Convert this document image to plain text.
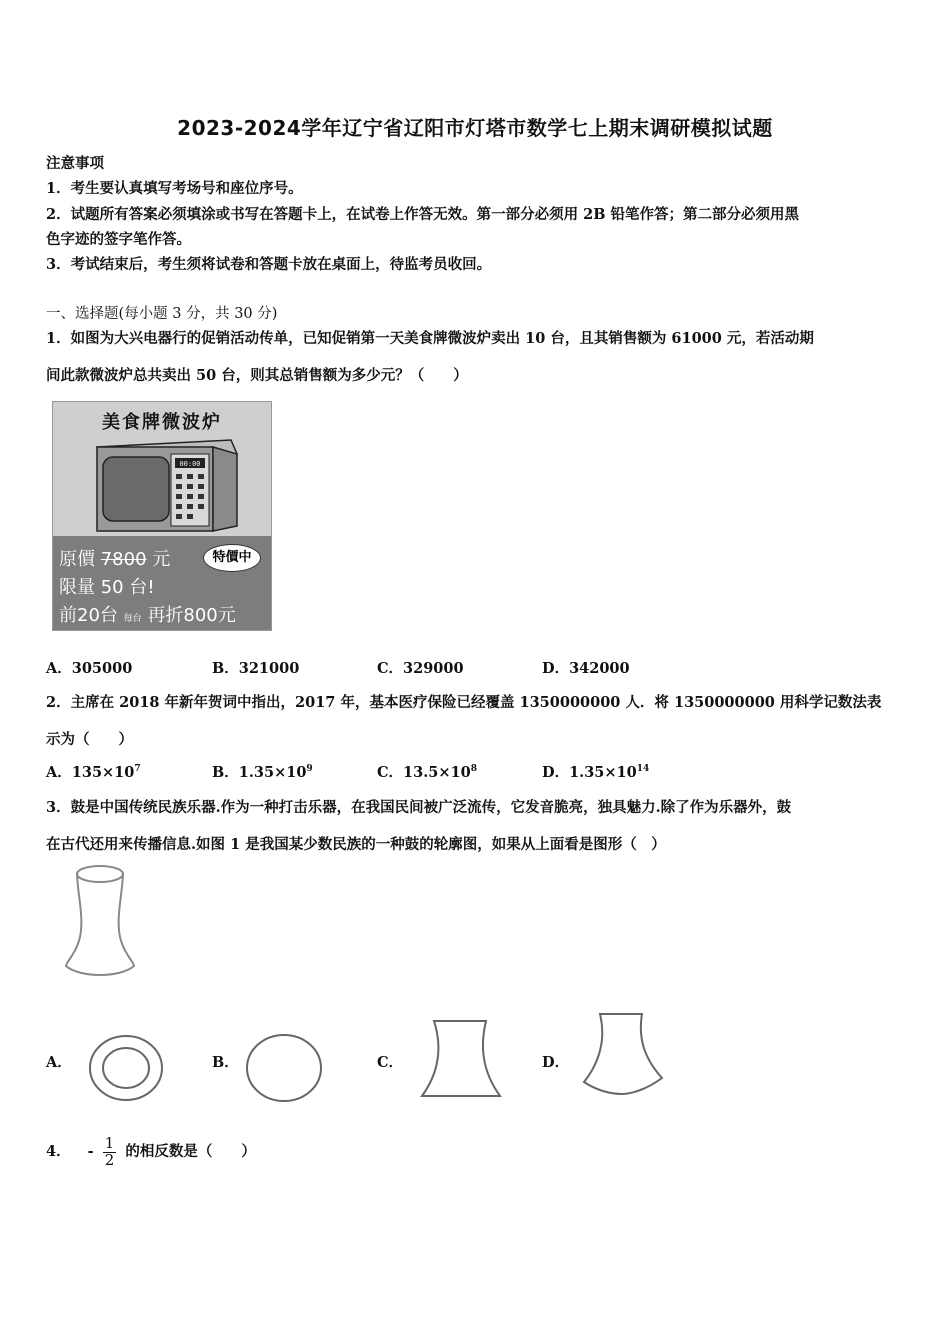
2023-2024学年辽宁省辽阳市灯塔市数学七上期末调研模拟试题
注意事项
1．考生要认真填写考场号和座位序号。
2．试题所有答案必须填涂或书写在答题卡上，在试卷上作答无效。第一部分必须用 2B 铅笔作答；第二部分必须用黑
色字迹的签字笔作答。
3．考试结束后，考生须将试卷和答题卡放在桌面上，待监考员收回。
一、选择题(每小题 3 分，共 30 分)
1．如图为大兴电器行的促销活动传单，已知促销第一天美食牌微波炉卖出 10 台，且其销售额为 61000 元，若活动期
间此款微波炉总共卖出 50 台，则其总销售额为多少元？（　　）
美食牌微波炉
00:00
原價 7800 元	特價中
限量 50 台!
前20台 每台 再折800元
A．305000	B．321000	C．329000	D．342000
2．主席在 2018 年新年贺词中指出，2017 年，基本医疗保险已经覆盖 1350000000 人．将 1350000000 用科学记数法表
示为（　　）
A．$135\times 10^7$	B．$1.35\times 10^9$	C．$13.5\times 10^8$	D．$1.35\times 10^{14}$
3．鼓是中国传统民族乐器.作为一种打击乐器，在我国民间被广泛流传，它发音脆亮，独具魅力.除了作为乐器外，鼓
在古代还用来传播信息.如图 1 是我国某少数民族的一种鼓的轮廓图，如果从上面看是图形（　）
A．	B．	C．	D．
4． - $\frac{1}{2}$ 的相反数是（　　）
